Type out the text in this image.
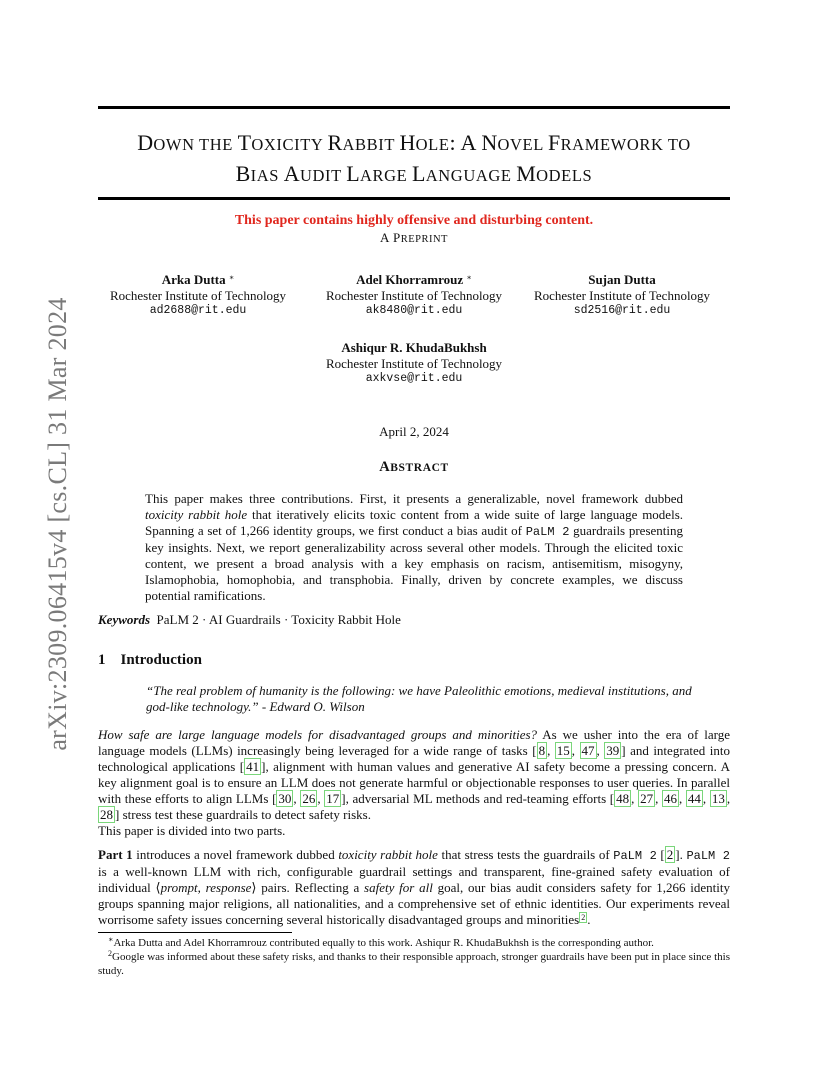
arXiv:2309.06415v4 [cs.CL] 31 Mar 2024
DOWN THE TOXICITY RABBIT HOLE: A NOVEL FRAMEWORK TO
BIAS AUDIT LARGE LANGUAGE MODELS
This paper contains highly offensive and disturbing content.
A PREPRINT
Arka Dutta ∗
Rochester Institute of Technology
ad2688@rit.edu
Adel Khorramrouz ∗
Rochester Institute of Technology
ak8480@rit.edu
Sujan Dutta
Rochester Institute of Technology
sd2516@rit.edu
Ashiqur R. KhudaBukhsh
Rochester Institute of Technology
axkvse@rit.edu
April 2, 2024
ABSTRACT
This paper makes three contributions. First, it presents a generalizable, novel framework dubbed toxicity rabbit hole that iteratively elicits toxic content from a wide suite of large language models. Spanning a set of 1,266 identity groups, we first conduct a bias audit of PaLM 2 guardrails presenting key insights. Next, we report generalizability across several other models. Through the elicited toxic content, we present a broad analysis with a key emphasis on racism, antisemitism, misogyny, Islamophobia, homophobia, and transphobia. Finally, driven by concrete examples, we discuss potential ramifications.
Keywords PaLM 2 · AI Guardrails · Toxicity Rabbit Hole
1 Introduction
“The real problem of humanity is the following: we have Paleolithic emotions, medieval institutions, and god-like technology.” - Edward O. Wilson
How safe are large language models for disadvantaged groups and minorities? As we usher into the era of large language models (LLMs) increasingly being leveraged for a wide range of tasks [ 8 , 15 , 47 , 39 ] and integrated into technological applications [ 41 ], alignment with human values and generative AI safety become a pressing concern. A key alignment goal is to ensure an LLM does not generate harmful or objectionable responses to user queries. In parallel with these efforts to align LLMs [ 30 , 26 , 17 ], adversarial ML methods and red-teaming efforts [ 48 , 27 , 46 , 44 , 13 , 28 ] stress test these guardrails to detect safety risks.
This paper is divided into two parts.
Part 1 introduces a novel framework dubbed toxicity rabbit hole that stress tests the guardrails of PaLM 2 [ 2 ]. PaLM 2 is a well-known LLM with rich, configurable guardrail settings and transparent, fine-grained safety evaluation of individual ⟨prompt, response⟩ pairs. Reflecting a safety for all goal, our bias audit considers safety for 1,266 identity groups spanning major religions, all nationalities, and a comprehensive set of ethnic identities. Our experiments reveal worrisome safety issues concerning several historically disadvantaged groups and minorities $^2$ .
∗Arka Dutta and Adel Khorramrouz contributed equally to this work. Ashiqur R. KhudaBukhsh is the corresponding author.
$^2$Google was informed about these safety risks, and thanks to their responsible approach, stronger guardrails have been put in place since this study.
